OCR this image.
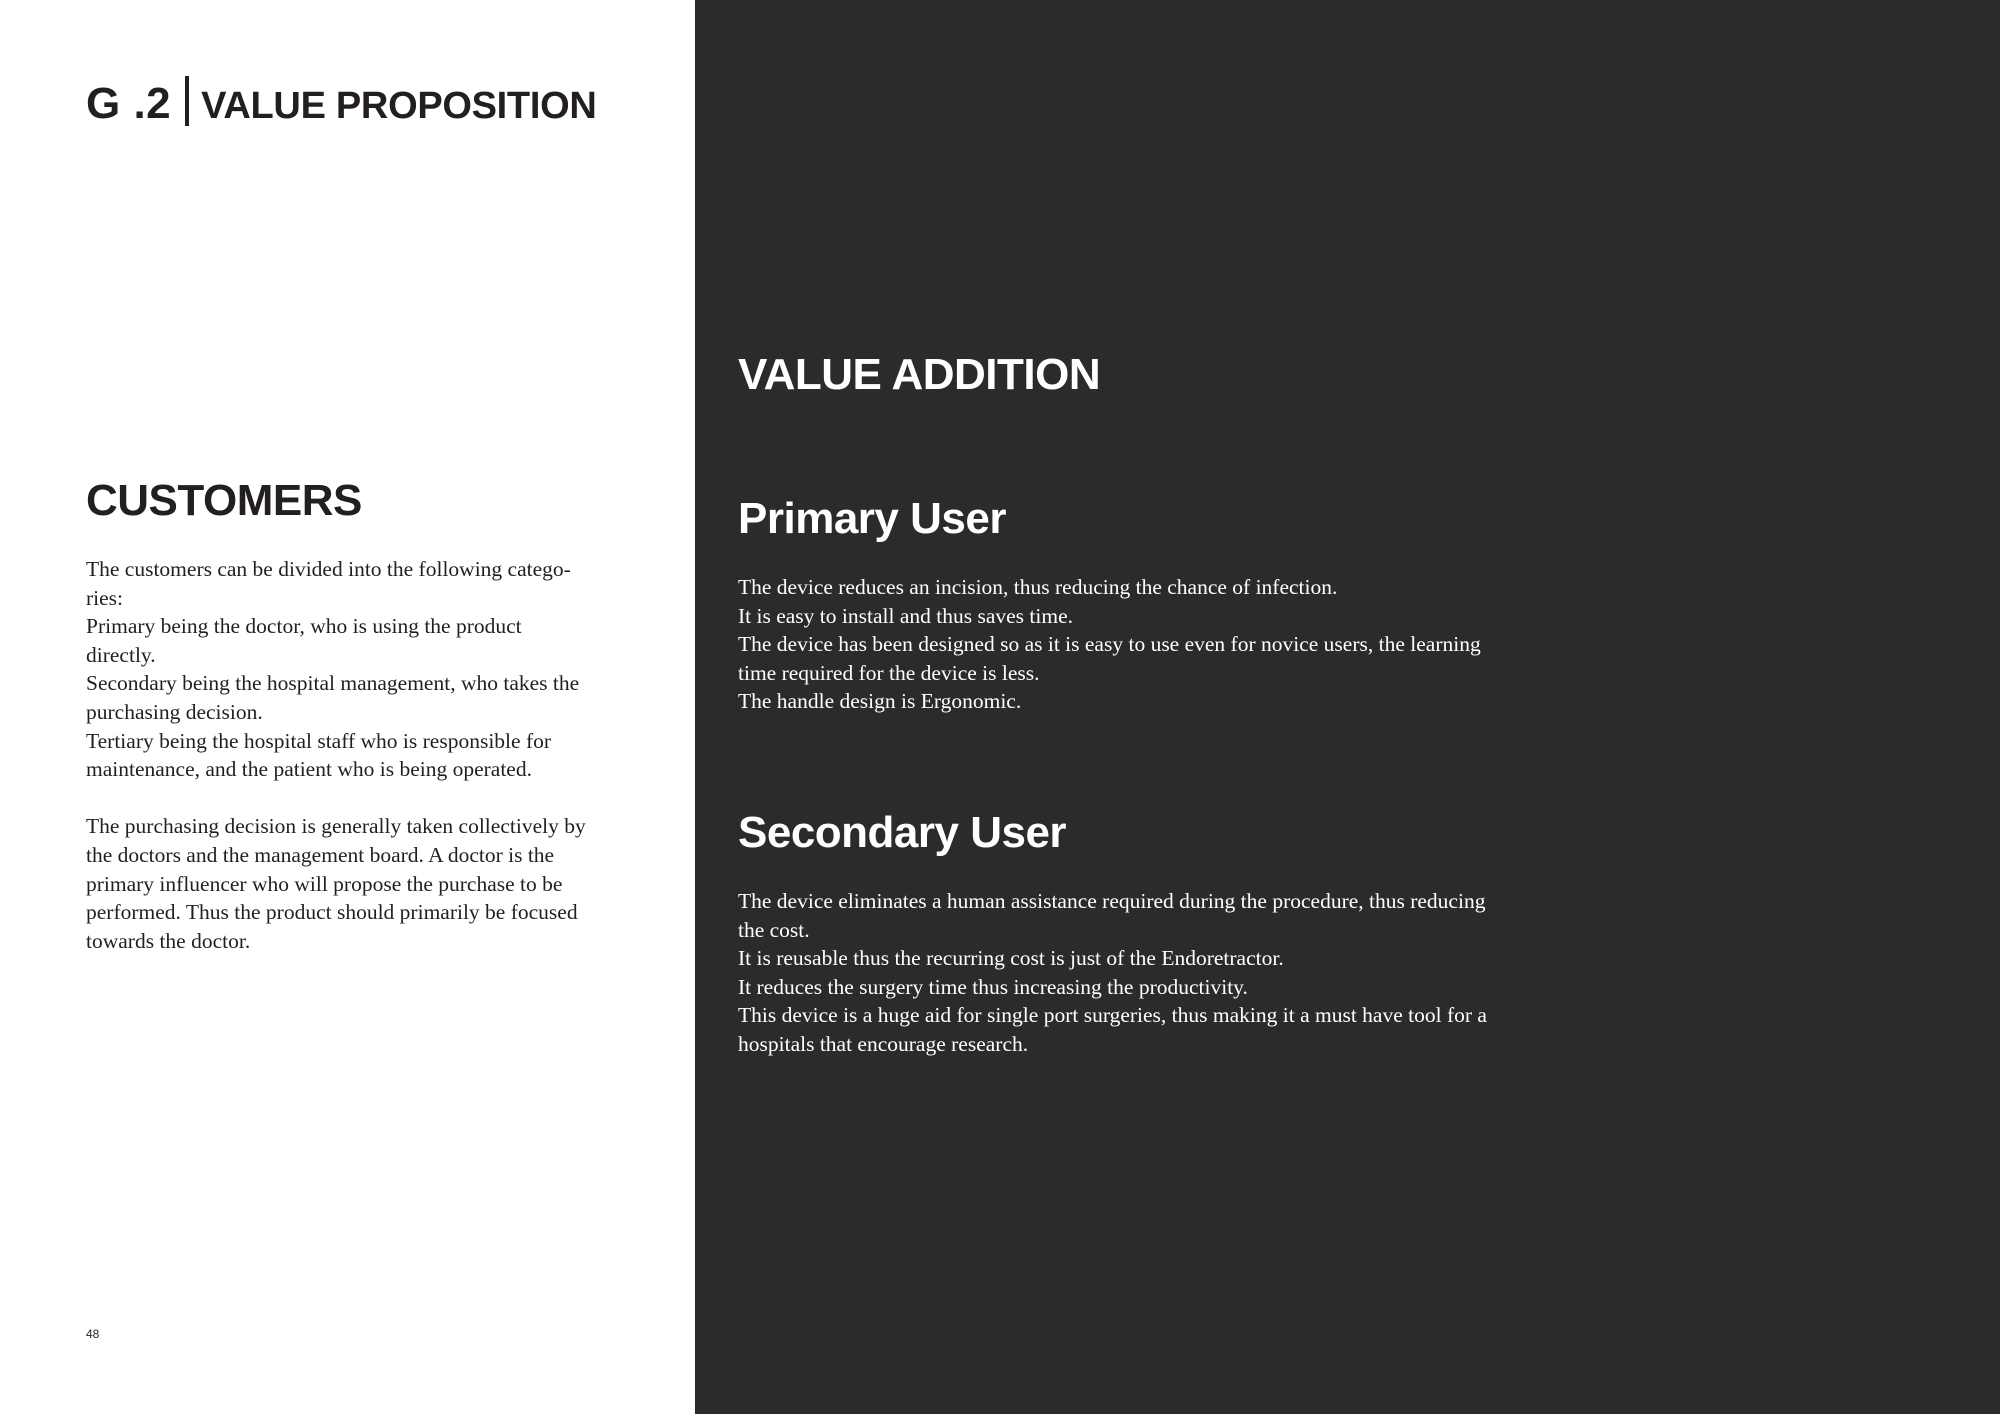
G .2 VALUE PROPOSITION
CUSTOMERS
The customers can be divided into the following catego-
ries:
Primary being the doctor, who is using the product
directly.
Secondary being the hospital management, who takes the
purchasing decision.
Tertiary being the hospital staff who is responsible for
maintenance, and the patient who is being operated.
The purchasing decision is generally taken collectively by
the doctors and the management board. A doctor is the
primary influencer who will propose the purchase to be
performed. Thus the product should primarily be focused
towards the doctor.
48
VALUE ADDITION
Primary User
The device reduces an incision, thus reducing the chance of infection.
It is easy to install and thus saves time.
The device has been designed so as it is easy to use even for novice users, the learning
time required for the device is less.
The handle design is Ergonomic.
Secondary User
The device eliminates a human assistance required during the procedure, thus reducing
the cost.
It is reusable thus the recurring cost is just of the Endoretractor.
It reduces the surgery time thus increasing the productivity.
This device is a huge aid for single port surgeries, thus making it a must have tool for a
hospitals that encourage research.
